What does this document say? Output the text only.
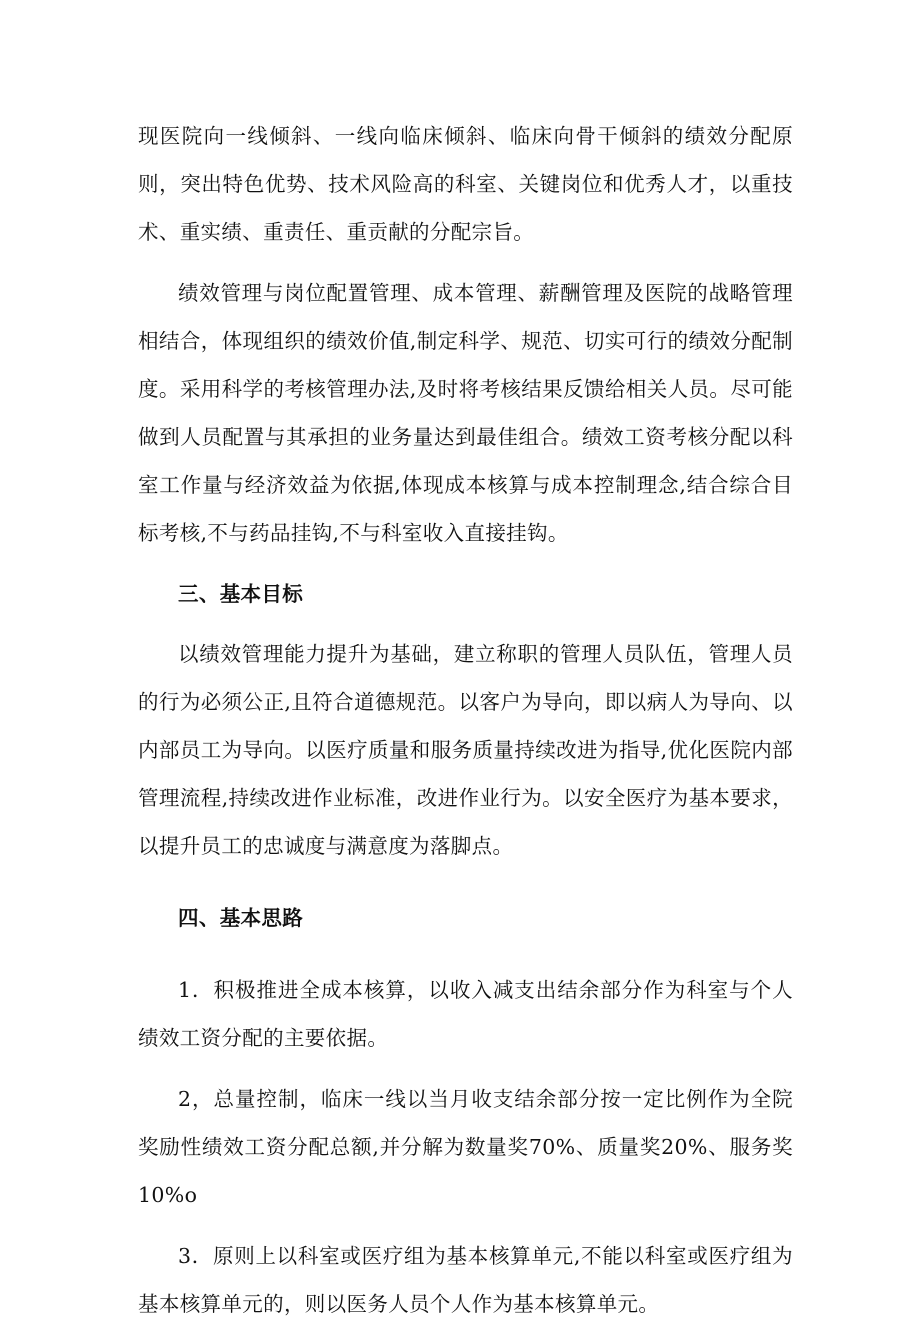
现医院向一线倾斜、一线向临床倾斜、临床向骨干倾斜的绩效分配原则，突出特色优势、技术风险高的科室、关键岗位和优秀人才，以重技术、重实绩、重责任、重贡献的分配宗旨。

绩效管理与岗位配置管理、成本管理、薪酬管理及医院的战略管理相结合，体现组织的绩效价值,制定科学、规范、切实可行的绩效分配制度。采用科学的考核管理办法,及时将考核结果反馈给相关人员。尽可能做到人员配置与其承担的业务量达到最佳组合。绩效工资考核分配以科室工作量与经济效益为依据,体现成本核算与成本控制理念,结合综合目标考核,不与药品挂钩,不与科室收入直接挂钩。

三、基本目标

以绩效管理能力提升为基础，建立称职的管理人员队伍，管理人员的行为必须公正,且符合道德规范。以客户为导向，即以病人为导向、以内部员工为导向。以医疗质量和服务质量持续改进为指导,优化医院内部管理流程,持续改进作业标准，改进作业行为。以安全医疗为基本要求，以提升员工的忠诚度与满意度为落脚点。

四、基本思路

1．积极推进全成本核算，以收入减支出结余部分作为科室与个人绩效工资分配的主要依据。

2，总量控制，临床一线以当月收支结余部分按一定比例作为全院奖励性绩效工资分配总额,并分解为数量奖70%、质量奖20%、服务奖10%o

3．原则上以科室或医疗组为基本核算单元,不能以科室或医疗组为基本核算单元的，则以医务人员个人作为基本核算单元。
